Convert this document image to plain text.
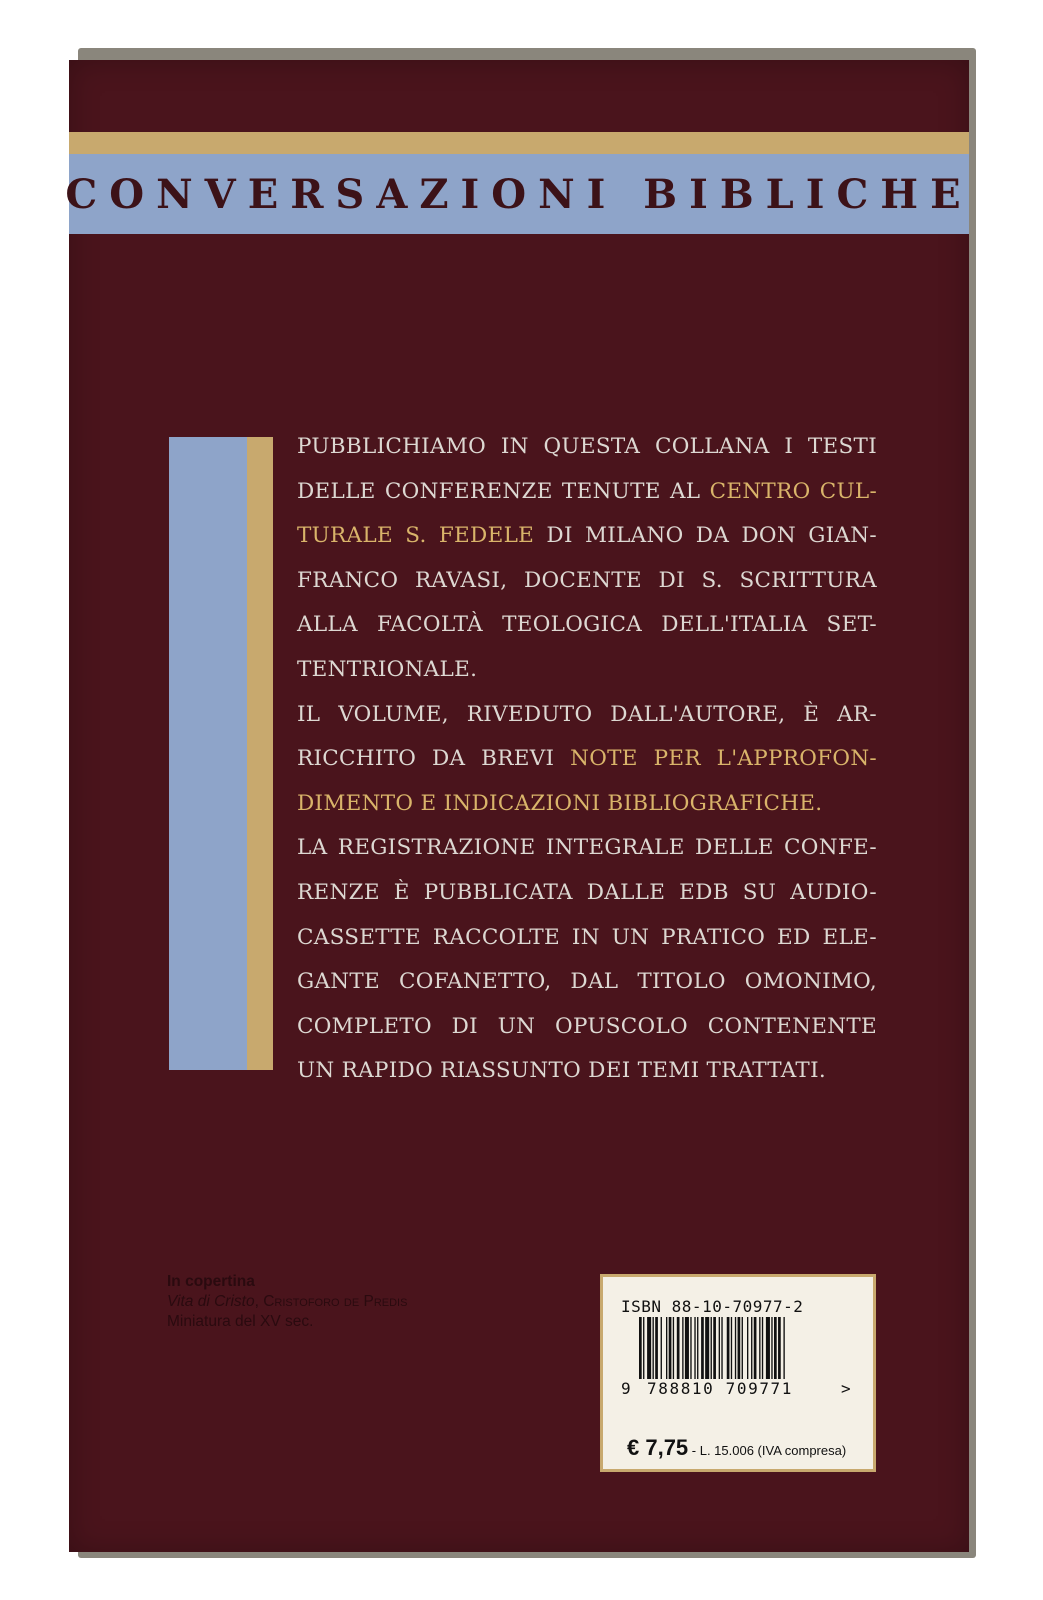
CONVERSAZIONI BIBLICHE
PUBBLICHIAMO IN QUESTA COLLANA I TESTI
DELLE CONFERENZE TENUTE AL CENTRO CUL-
TURALE S. FEDELE DI MILANO DA DON GIAN-
FRANCO RAVASI, DOCENTE DI S. SCRITTURA
ALLA FACOLTÀ TEOLOGICA DELL'ITALIA SET-
TENTRIONALE.
IL VOLUME, RIVEDUTO DALL'AUTORE, È AR-
RICCHITO DA BREVI NOTE PER L'APPROFON-
DIMENTO E INDICAZIONI BIBLIOGRAFICHE.
LA REGISTRAZIONE INTEGRALE DELLE CONFE-
RENZE È PUBBLICATA DALLE EDB SU AUDIO-
CASSETTE RACCOLTE IN UN PRATICO ED ELE-
GANTE COFANETTO, DAL TITOLO OMONIMO,
COMPLETO DI UN OPUSCOLO CONTENENTE
UN RAPIDO RIASSUNTO DEI TEMI TRATTATI.
In copertina
Vita di Cristo, Cristoforo de Predis
Miniatura del XV sec.
ISBN 88-10-70977-2
9 788810 709771	>
€ 7,75 - L. 15.006 (IVA compresa)
